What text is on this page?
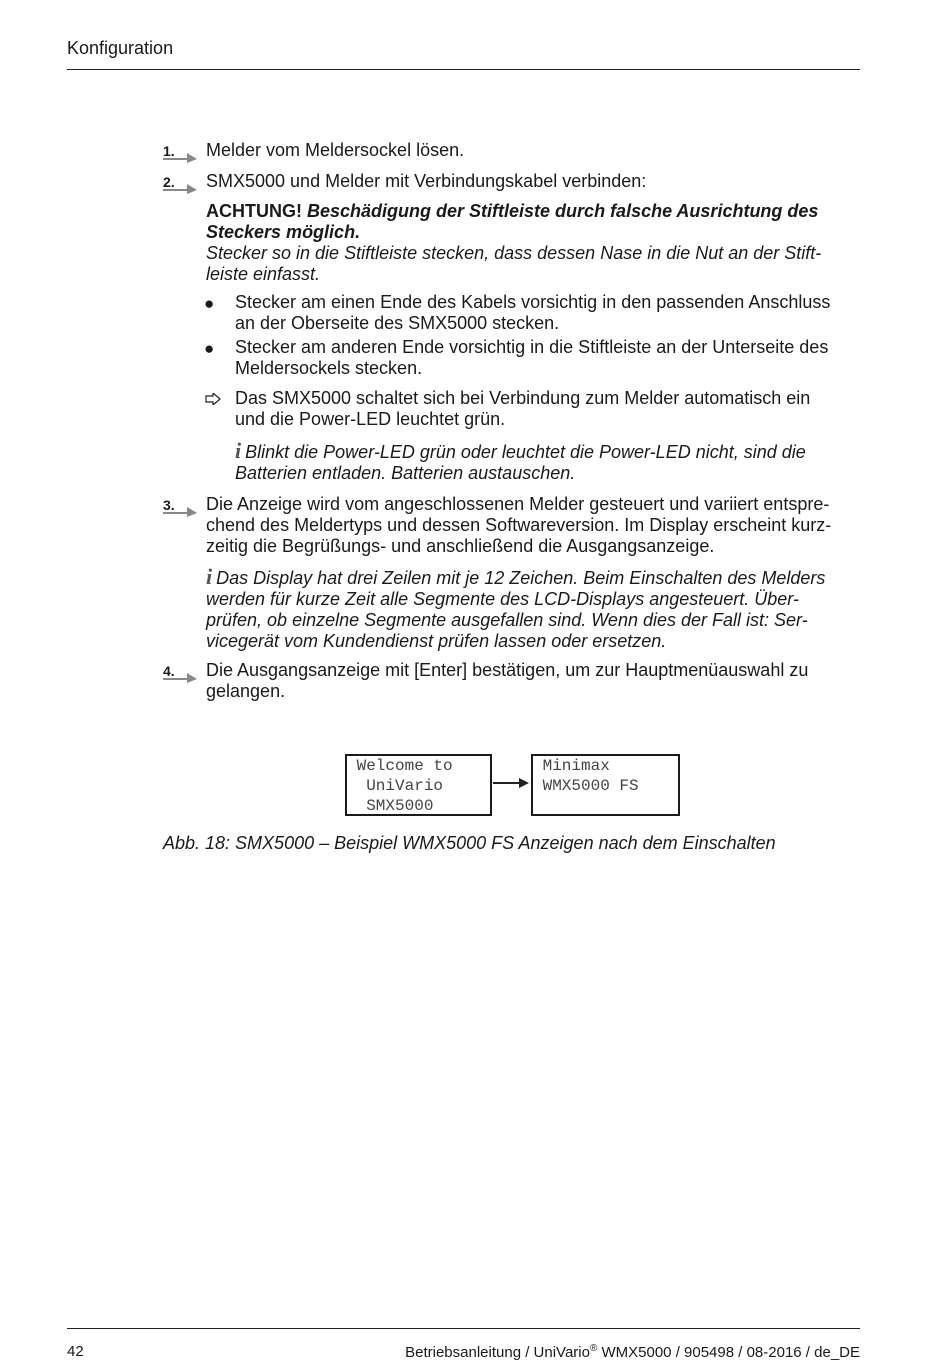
Konfiguration
1. Melder vom Meldersockel lösen.
2. SMX5000 und Melder mit Verbindungskabel verbinden:
ACHTUNG! Beschädigung der Stiftleiste durch falsche Ausrichtung des
Steckers möglich.
Stecker so in die Stiftleiste stecken, dass dessen Nase in die Nut an der Stift-
leiste einfasst.
● Stecker am einen Ende des Kabels vorsichtig in den passenden Anschluss
an der Oberseite des SMX5000 stecken.
● Stecker am anderen Ende vorsichtig in die Stiftleiste an der Unterseite des
Meldersockels stecken.
Das SMX5000 schaltet sich bei Verbindung zum Melder automatisch ein
und die Power-LED leuchtet grün.
i Blinkt die Power-LED grün oder leuchtet die Power-LED nicht, sind die
Batterien entladen. Batterien austauschen.
3. Die Anzeige wird vom angeschlossenen Melder gesteuert und variiert entspre-
chend des Meldertyps und dessen Softwareversion. Im Display erscheint kurz-
zeitig die Begrüßungs- und anschließend die Ausgangsanzeige.
i Das Display hat drei Zeilen mit je 12 Zeichen. Beim Einschalten des Melders
werden für kurze Zeit alle Segmente des LCD-Displays angesteuert. Über-
prüfen, ob einzelne Segmente ausgefallen sind. Wenn dies der Fall ist: Ser-
vicegerät vom Kundendienst prüfen lassen oder ersetzen.
4. Die Ausgangsanzeige mit [Enter] bestätigen, um zur Hauptmenüauswahl zu
gelangen.
Welcome to
UniVario
SMX5000
Minimax
WMX5000 FS
Abb. 18: SMX5000 – Beispiel WMX5000 FS Anzeigen nach dem Einschalten
42	Betriebsanleitung / UniVario® WMX5000 / 905498 / 08-2016 / de_DE
